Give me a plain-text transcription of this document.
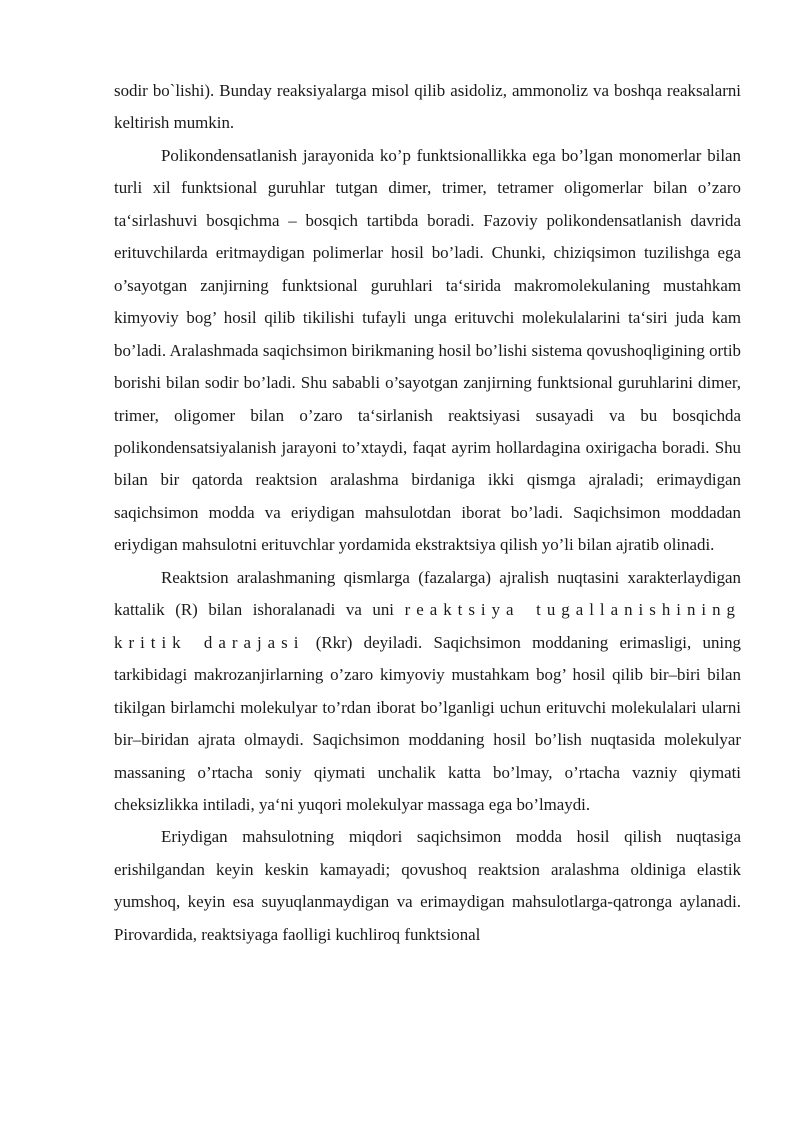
sodir bo`lishi). Bunday reaksiyalarga misol qilib asidoliz, ammonoliz va boshqa reaksalarni keltirish mumkin.

Polikondensatlanish jarayonida ko’p funktsionallikka ega bo’lgan monomerlar bilan turli xil funktsional guruhlar tutgan dimer, trimer, tetramer oligomerlar bilan o’zaro ta‘sirlashuvi bosqichma – bosqich tartibda boradi. Fazoviy polikondensatlanish davrida erituvchilarda eritmaydigan polimerlar hosil bo’ladi. Chunki, chiziqsimon tuzilishga ega o’sayotgan zanjirning funktsional guruhlari ta‘sirida makromolekulaning mustahkam kimyoviy bog’ hosil qilib tikilishi tufayli unga erituvchi molekulalarini ta‘siri juda kam bo’ladi. Aralashmada saqichsimon birikmaning hosil bo’lishi sistema qovushoqligining ortib borishi bilan sodir bo’ladi. Shu sababli o’sayotgan zanjirning funktsional guruhlarini dimer, trimer, oligomer bilan o’zaro ta‘sirlanish reaktsiyasi susayadi va bu bosqichda polikondensatsiyalanish jarayoni to’xtaydi, faqat ayrim hollardagina oxirigacha boradi. Shu bilan bir qatorda reaktsion aralashma birdaniga ikki qismga ajraladi; erimaydigan saqichsimon modda va eriydigan mahsulotdan iborat bo’ladi. Saqichsimon moddadan eriydigan mahsulotni erituvchlar yordamida ekstraktsiya qilish yo’li bilan ajratib olinadi.

Reaktsion aralashmaning qismlarga (fazalarga) ajralish nuqtasini xarakterlaydigan kattalik (R) bilan ishoralanadi va uni reaktsiya tugallanishining kritik darajasi (Rkr) deyiladi. Saqichsimon moddaning erimasligi, uning tarkibidagi makrozanjirlarning o’zaro kimyoviy mustahkam bog’ hosil qilib bir–biri bilan tikilgan birlamchi molekulyar to’rdan iborat bo’lganligi uchun erituvchi molekulalari ularni bir–biridan ajrata olmaydi. Saqichsimon moddaning hosil bo’lish nuqtasida molekulyar massaning o’rtacha soniy qiymati unchalik katta bo’lmay, o’rtacha vazniy qiymati cheksizlikka intiladi, ya‘ni yuqori molekulyar massaga ega bo’lmaydi.

Eriydigan mahsulotning miqdori saqichsimon modda hosil qilish nuqtasiga erishilgandan keyin keskin kamayadi; qovushoq reaktsion aralashma oldiniga elastik yumshoq, keyin esa suyuqlanmaydigan va erimaydigan mahsulotlarga-qatronga aylanadi. Pirovardida, reaktsiyaga faolligi kuchliroq funktsional
